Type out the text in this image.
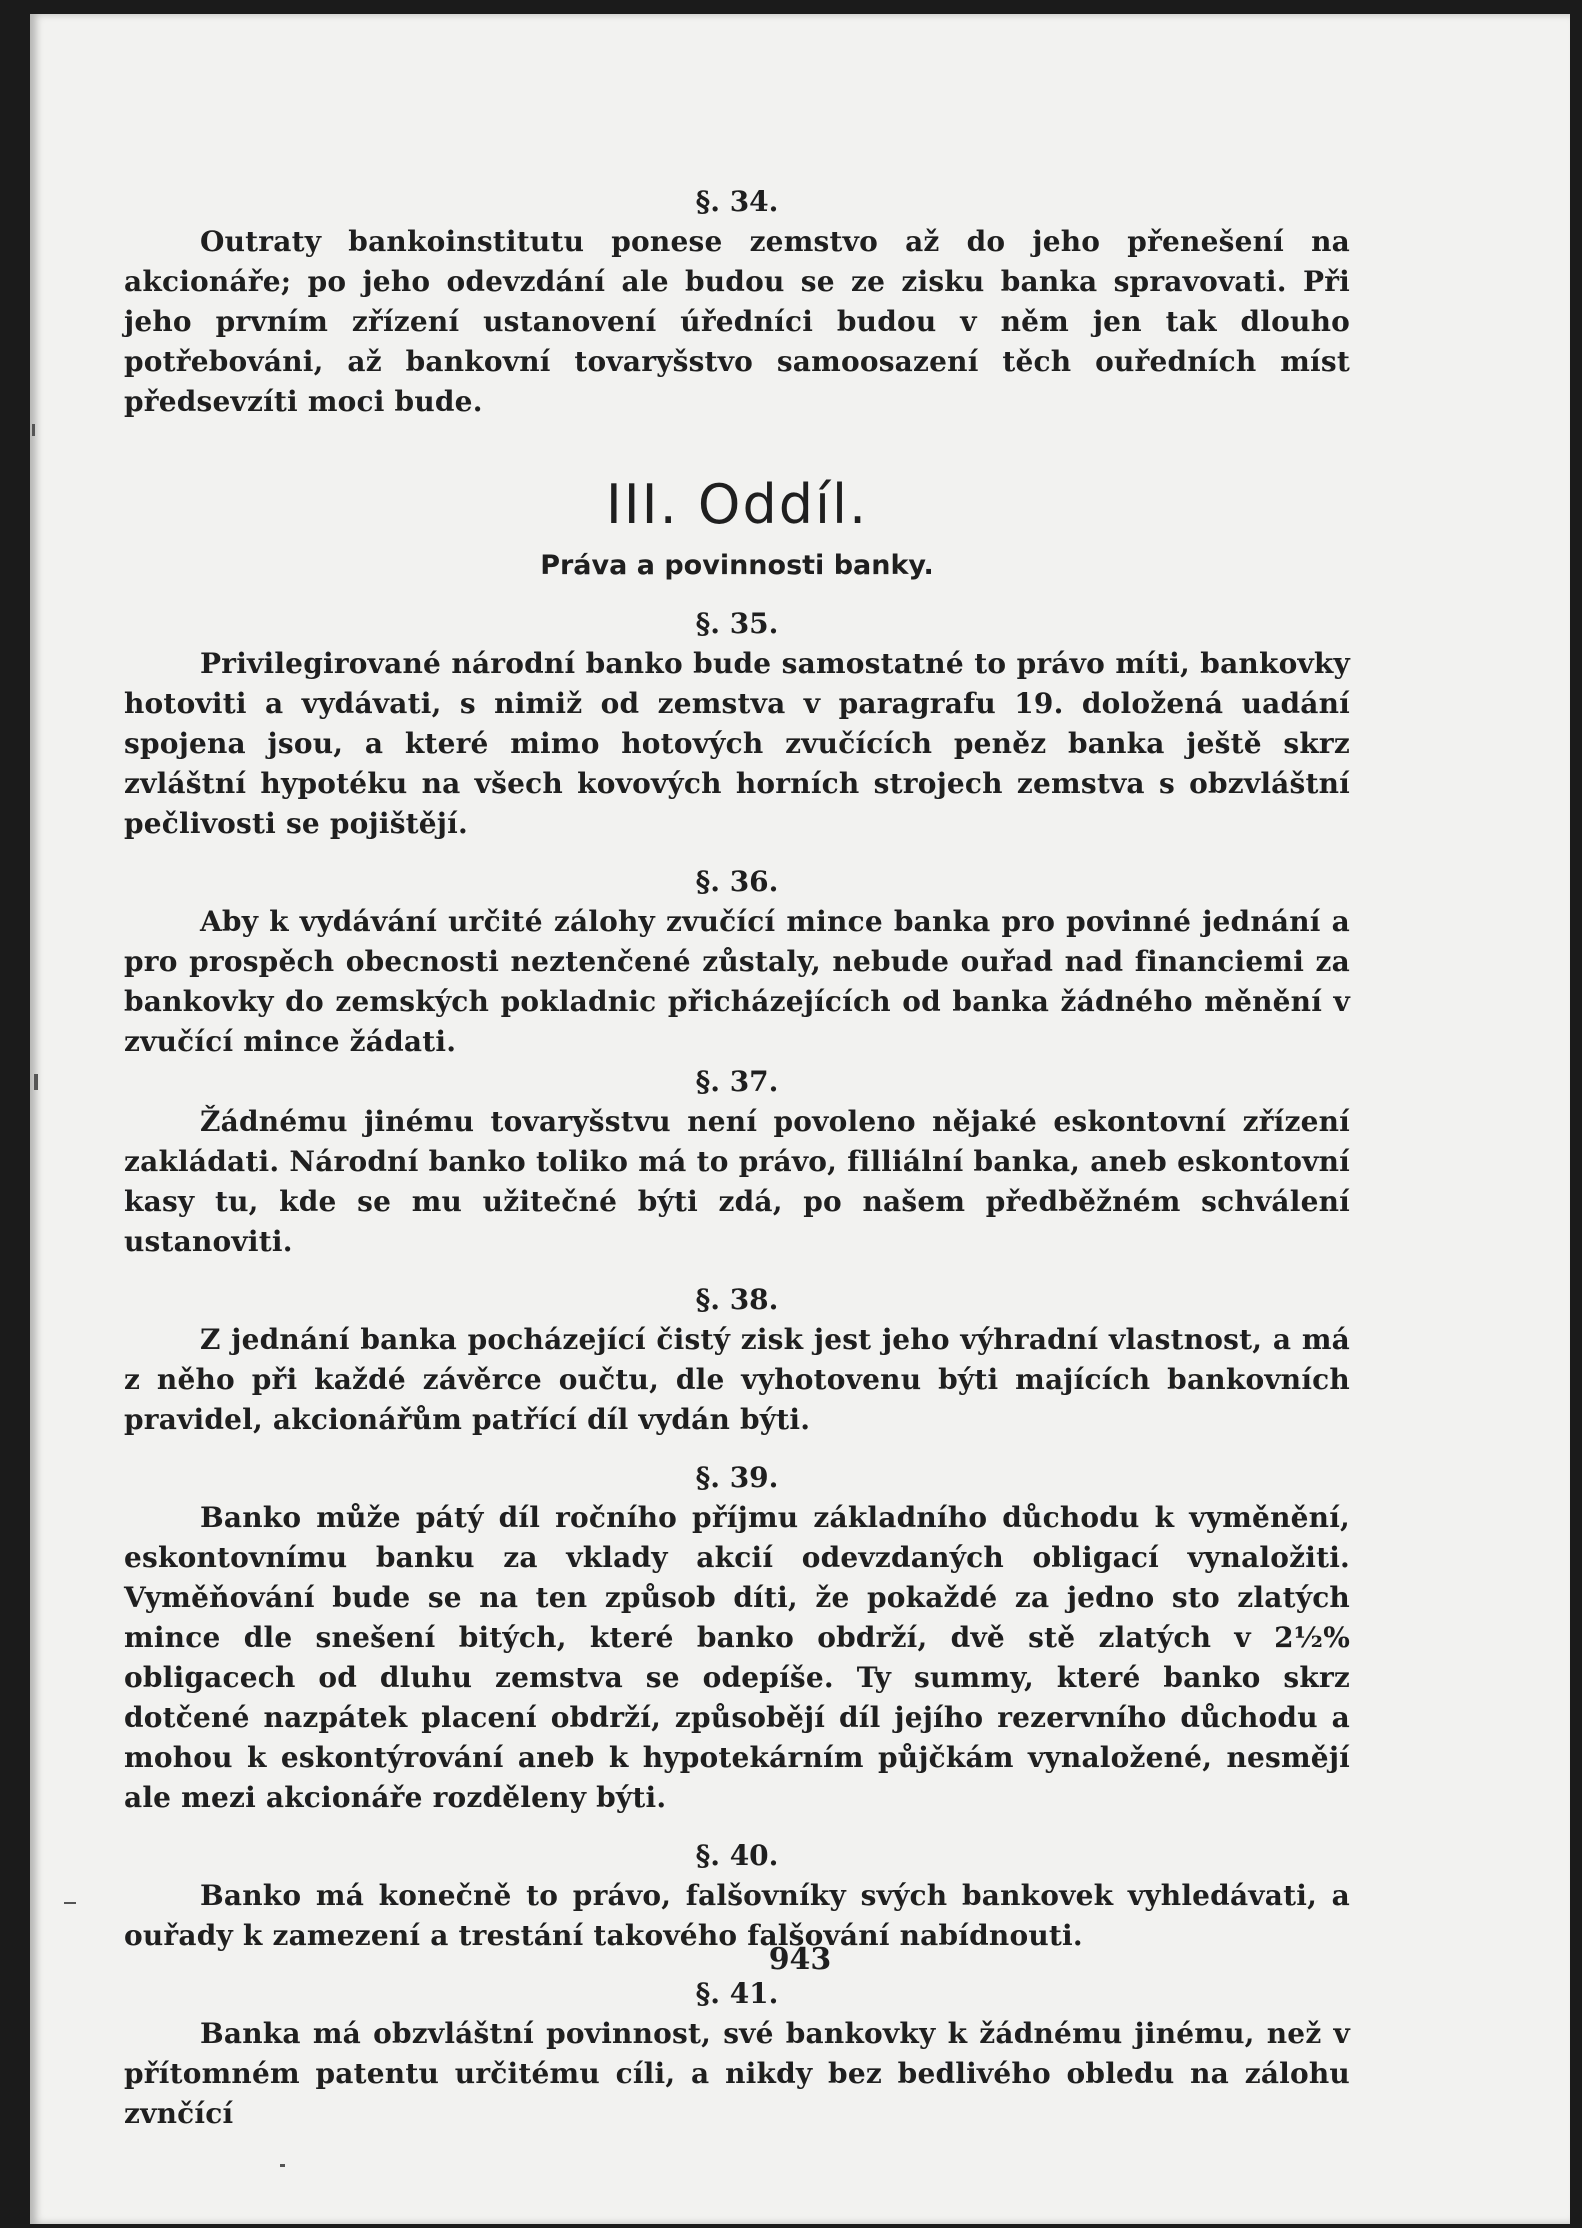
§. 34.

Outraty bankoinstitutu ponese zemstvo až do jeho přenešení na akcionáře; po jeho odevzdání ale budou se ze zisku banka spravovati. Při jeho prvním zřízení ustanovení úředníci budou v něm jen tak dlouho potřebováni, až bankovní tovaryšstvo samoosazení těch ouředních míst předsevzíti moci bude.

III. Oddíl.
Práva a povinnosti banky.

§. 35.

Privilegirované národní banko bude samostatné to právo míti, bankovky hotoviti a vydávati, s nimiž od zemstva v paragrafu 19. doložená uadání spojena jsou, a které mimo hotových zvučících peněz banka ještě skrz zvláštní hypotéku na všech kovových horních strojech zemstva s obzvláštní pečlivosti se pojištějí.

§. 36.

Aby k vydávání určité zálohy zvučící mince banka pro povinné jednání a pro prospěch obecnosti neztenčené zůstaly, nebude ouřad nad financiemi za bankovky do zemských pokladnic přicházejících od banka žádného měnění v zvučící mince žádati.

§. 37.

Žádnému jinému tovaryšstvu není povoleno nějaké eskontovní zřízení zakládati. Národní banko toliko má to právo, filliální banka, aneb eskontovní kasy tu, kde se mu užitečné býti zdá, po našem předběžném schválení ustanoviti.

§. 38.

Z jednání banka pocházející čistý zisk jest jeho výhradní vlastnost, a má z něho při každé závěrce oučtu, dle vyhotovenu býti majících bankovních pravidel, akcionářům patřící díl vydán býti.

§. 39.

Banko může pátý díl ročního příjmu základního důchodu k vyměnění, eskontovnímu banku za vklady akcií odevzdaných obligací vynaložiti. Vyměňování bude se na ten způsob díti, že pokaždé za jedno sto zlatých mince dle snešení bitých, které banko obdrží, dvě stě zlatých v 2½% obligacech od dluhu zemstva se odepíše. Ty summy, které banko skrz dotčené nazpátek placení obdrží, způsobějí díl jejího rezervního důchodu a mohou k eskontýrování aneb k hypotekárním půjčkám vynaložené, nesmějí ale mezi akcionáře rozděleny býti.

§. 40.

Banko má konečně to právo, falšovníky svých bankovek vyhledávati, a ouřady k zamezení a trestání takového falšování nabídnouti.

§. 41.

Banka má obzvláštní povinnost, své bankovky k žádnému jinému, než v přítomném patentu určitému cíli, a nikdy bez bedlivého obledu na zálohu zvnčící

943
